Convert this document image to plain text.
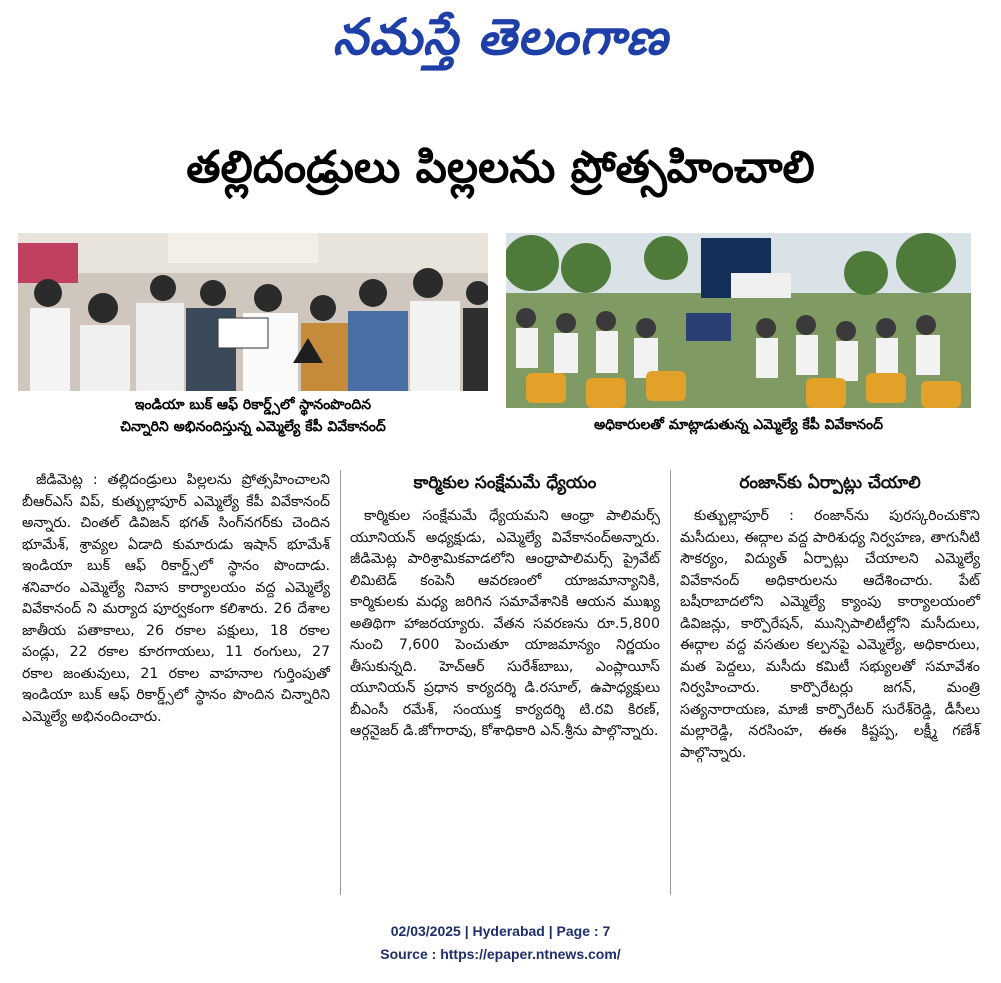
నమస్తే తెలంగాణ
తల్లిదండ్రులు పిల్లలను ప్రోత్సహించాలి
ఇండియా బుక్ ఆఫ్ రికార్డ్స్‌లో స్థానంపొందిన
చిన్నారిని అభినందిస్తున్న ఎమ్మెల్యే కేపీ వివేకానంద్	అధికారులతో మాట్లాడుతున్న ఎమ్మెల్యే కేపీ వివేకానంద్

జీడిమెట్ల : తల్లిదండ్రులు పిల్లలను ప్రోత్సహించాలని బీఆర్‌ఎస్ విప్, కుత్బుల్లాపూర్ ఎమ్మెల్యే కేపీ వివేకానంద్ అన్నారు. చింతల్ డివిజన్ భగత్ సింగ్‌నగర్‌కు చెందిన భూమేశ్, శ్రావ్యల ఏడాది కుమారుడు ఇషాన్ భూమేశ్ ఇండియా బుక్ ఆఫ్ రికార్డ్స్‌లో స్థానం పొందాడు. శనివారం ఎమ్మెల్యే నివాస కార్యాలయం వద్ద ఎమ్మెల్యే వివేకానంద్ ని మర్యాద పూర్వకంగా కలిశారు. 26 దేశాల జాతీయ పతాకాలు, 26 రకాల పక్షులు, 18 రకాల పండ్లు, 22 రకాల కూరగాయలు, 11 రంగులు, 27 రకాల జంతువులు, 21 రకాల వాహనాల గుర్తింపుతో ఇండియా బుక్ ఆఫ్ రికార్డ్స్‌లో స్థానం పొందిన చిన్నారిని ఎమ్మెల్యే అభినందించారు.

కార్మికుల సంక్షేమమే ధ్యేయం

కార్మికుల సంక్షేమమే ధ్యేయమని ఆంధ్రా పాలిమర్స్ యూనియన్ అధ్యక్షుడు, ఎమ్మెల్యే వివేకానంద్‌అన్నారు. జీడిమెట్ల పారిశ్రామికవాడలోని ఆంధ్రాపాలిమర్స్ ప్రైవేట్ లిమిటెడ్ కంపెనీ ఆవరణంలో యాజమాన్యానికి, కార్మికులకు మధ్య జరిగిన సమావేశానికి ఆయన ముఖ్య అతిథిగా హాజరయ్యారు. వేతన సవరణను రూ.5,800 నుంచి 7,600 పెంచుతూ యాజమాన్యం నిర్ణయం తీసుకున్నది. హెచ్‌ఆర్ సురేశ్‌బాబు, ఎంప్లాయీస్ యూనియన్ ప్రధాన కార్యదర్శి డి.రసూల్, ఉపాధ్యక్షులు బీఎంసీ రమేశ్, సంయుక్త కార్యదర్శి టి.రవి కిరణ్, ఆర్గనైజర్ డి.జోగారావు, కోశాధికారి ఎన్.శ్రీను పాల్గొన్నారు.

రంజాన్‌కు ఏర్పాట్లు చేయాలి

కుత్బుల్లాపూర్ : రంజాన్‌ను పురస్కరించుకొని మసీదులు, ఈద్గాల వద్ద పారిశుధ్య నిర్వహణ, తాగునీటి సౌకర్యం, విద్యుత్ ఏర్పాట్లు చేయాలని ఎమ్మెల్యే వివేకానంద్ అధికారులను ఆదేశించారు. పేట్ బషీరాబాదలోని ఎమ్మెల్యే క్యాంపు కార్యాలయంలో డివిజన్లు, కార్పొరేషన్, మున్సిపాలిటీల్లోని మసీదులు, ఈద్గాల వద్ద వసతుల కల్పనపై ఎమ్మెల్యే, అధికారులు, మత పెద్దలు, మసీదు కమిటీ సభ్యులతో సమావేశం నిర్వహించారు. కార్పొరేటర్లు జగన్, మంత్రి సత్యనారాయణ, మాజీ కార్పొరేటర్ సురేశ్‌రెడ్డి, డీసీలు మల్లారెడ్డి, నరసింహ, ఈఈ కిష్టప్ప, లక్ష్మీ గణేశ్ పాల్గొన్నారు.

02/03/2025 | Hyderabad | Page : 7
Source : https://epaper.ntnews.com/
